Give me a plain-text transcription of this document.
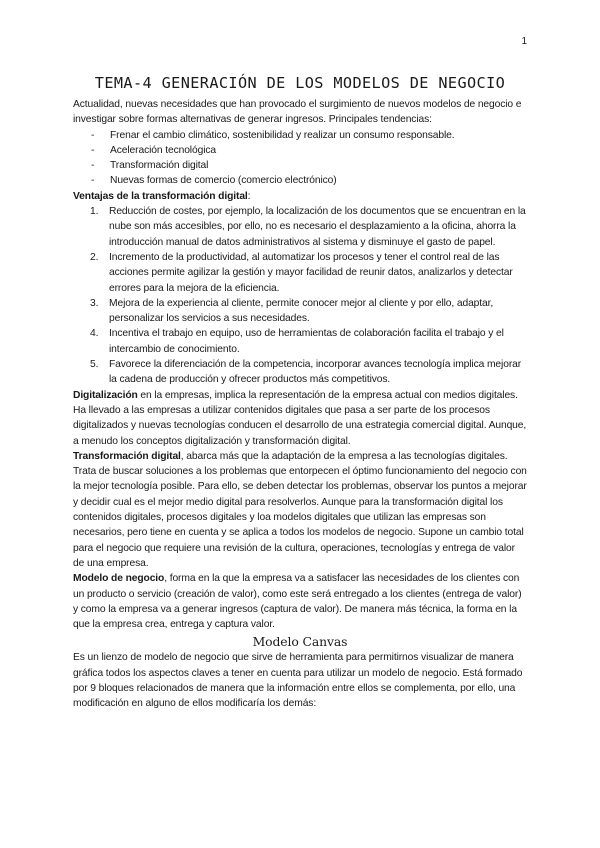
1
TEMA-4 GENERACIÓN DE LOS MODELOS DE NEGOCIO

Actualidad, nuevas necesidades que han provocado el surgimiento de nuevos modelos de negocio e investigar sobre formas alternativas de generar ingresos. Principales tendencias:

- Frenar el cambio climático, sostenibilidad y realizar un consumo responsable.
- Aceleración tecnológica
- Transformación digital
- Nuevas formas de comercio (comercio electrónico)

Ventajas de la transformación digital:

1. Reducción de costes, por ejemplo, la localización de los documentos que se encuentran en la nube son más accesibles, por ello, no es necesario el desplazamiento a la oficina, ahorra la introducción manual de datos administrativos al sistema y disminuye el gasto de papel.
2. Incremento de la productividad, al automatizar los procesos y tener el control real de las acciones permite agilizar la gestión y mayor facilidad de reunir datos, analizarlos y detectar errores para la mejora de la eficiencia.
3. Mejora de la experiencia al cliente, permite conocer mejor al cliente y por ello, adaptar, personalizar los servicios a sus necesidades.
4. Incentiva el trabajo en equipo, uso de herramientas de colaboración facilita el trabajo y el intercambio de conocimiento.
5. Favorece la diferenciación de la competencia, incorporar avances tecnología implica mejorar la cadena de producción y ofrecer productos más competitivos.

Digitalización en la empresas, implica la representación de la empresa actual con medios digitales. Ha llevado a las empresas a utilizar contenidos digitales que pasa a ser parte de los procesos digitalizados y nuevas tecnologías conducen el desarrollo de una estrategia comercial digital. Aunque, a menudo los conceptos digitalización y transformación digital.

Transformación digital, abarca más que la adaptación de la empresa a las tecnologías digitales. Trata de buscar soluciones a los problemas que entorpecen el óptimo funcionamiento del negocio con la mejor tecnología posible. Para ello, se deben detectar los problemas, observar los puntos a mejorar y decidir cual es el mejor medio digital para resolverlos. Aunque para la transformación digital los contenidos digitales, procesos digitales y loa modelos digitales que utilizan las empresas son necesarios, pero tiene en cuenta y se aplica a todos los modelos de negocio. Supone un cambio total para el negocio que requiere una revisión de la cultura, operaciones, tecnologías y entrega de valor de una empresa.

Modelo de negocio, forma en la que la empresa va a satisfacer las necesidades de los clientes con un producto o servicio (creación de valor), como este será entregado a los clientes (entrega de valor) y como la empresa va a generar ingresos (captura de valor). De manera más técnica, la forma en la que la empresa crea, entrega y captura valor.

Modelo Canvas

Es un lienzo de modelo de negocio que sirve de herramienta para permitirnos visualizar de manera gráfica todos los aspectos claves a tener en cuenta para utilizar un modelo de negocio. Está formado por 9 bloques relacionados de manera que la información entre ellos se complementa, por ello, una modificación en alguno de ellos modificaría los demás:
